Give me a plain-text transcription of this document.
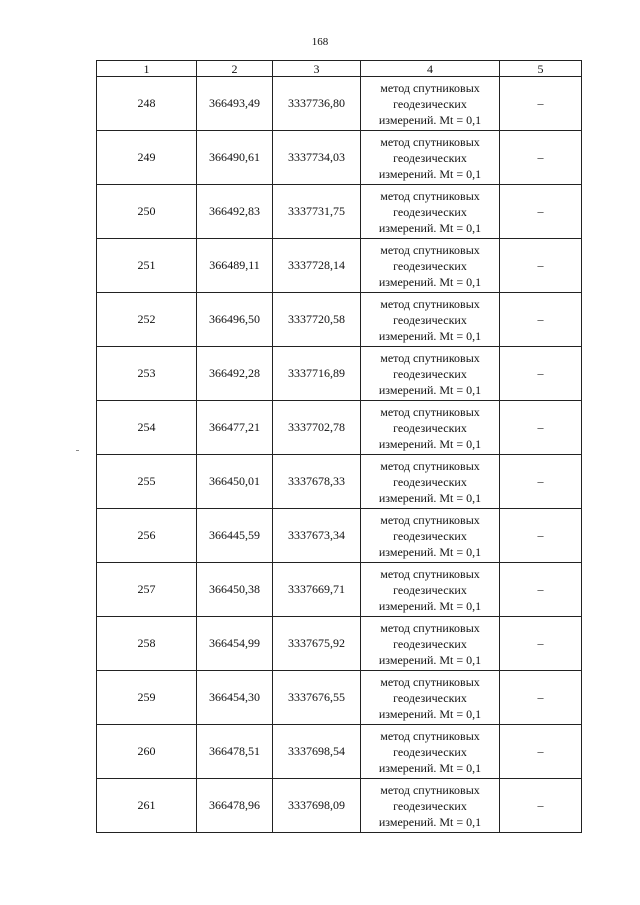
168
1	2	3	4	5
248	366493,49	3337736,80	метод спутниковых
геодезических
измерений. Mt = 0,1	–
249	366490,61	3337734,03	метод спутниковых
геодезических
измерений. Mt = 0,1	–
250	366492,83	3337731,75	метод спутниковых
геодезических
измерений. Mt = 0,1	–
251	366489,11	3337728,14	метод спутниковых
геодезических
измерений. Mt = 0,1	–
252	366496,50	3337720,58	метод спутниковых
геодезических
измерений. Mt = 0,1	–
253	366492,28	3337716,89	метод спутниковых
геодезических
измерений. Mt = 0,1	–
254	366477,21	3337702,78	метод спутниковых
геодезических
измерений. Mt = 0,1	–
255	366450,01	3337678,33	метод спутниковых
геодезических
измерений. Mt = 0,1	–
256	366445,59	3337673,34	метод спутниковых
геодезических
измерений. Mt = 0,1	–
257	366450,38	3337669,71	метод спутниковых
геодезических
измерений. Mt = 0,1	–
258	366454,99	3337675,92	метод спутниковых
геодезических
измерений. Mt = 0,1	–
259	366454,30	3337676,55	метод спутниковых
геодезических
измерений. Mt = 0,1	–
260	366478,51	3337698,54	метод спутниковых
геодезических
измерений. Mt = 0,1	–
261	366478,96	3337698,09	метод спутниковых
геодезических
измерений. Mt = 0,1	–
